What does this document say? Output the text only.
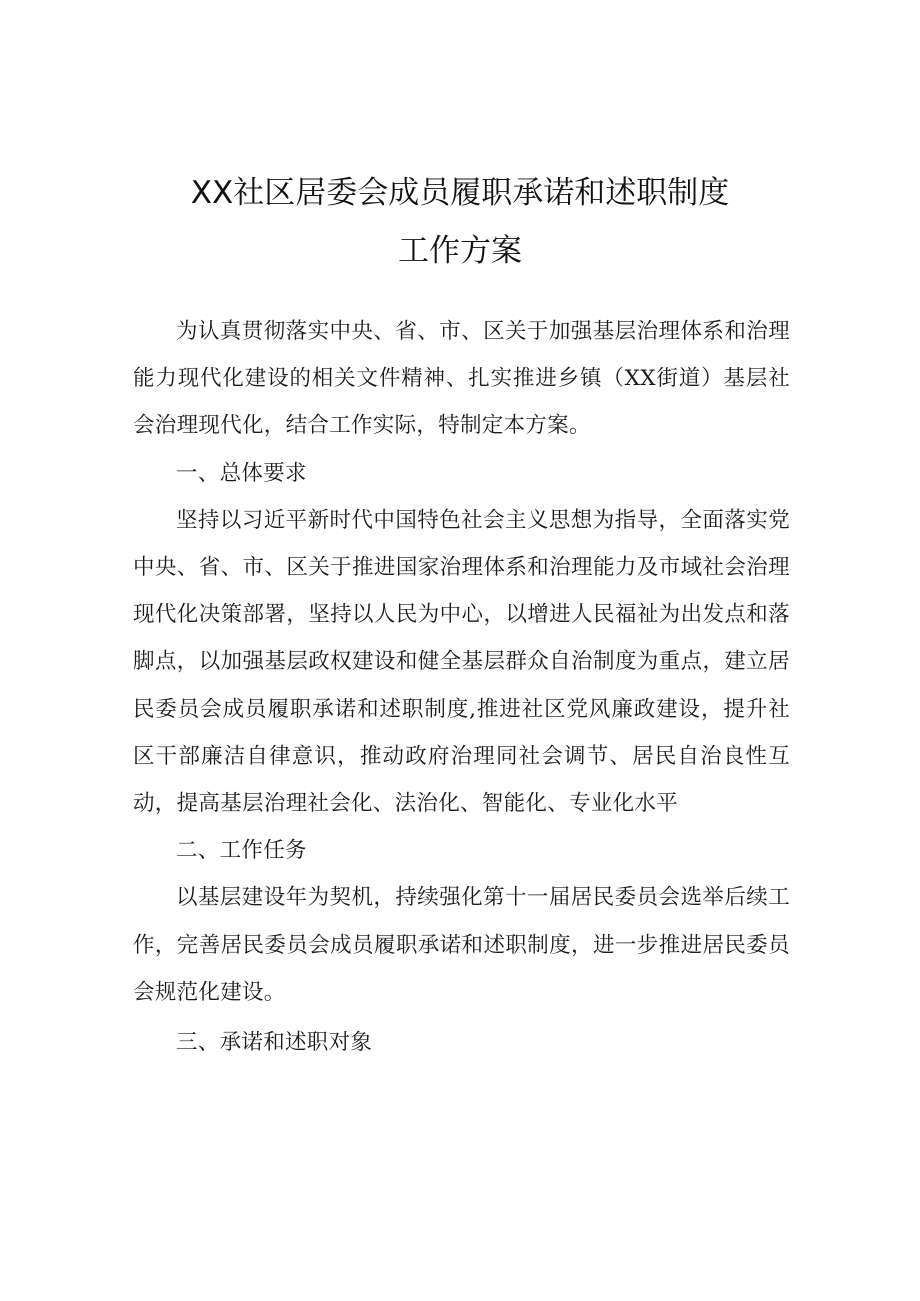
XX社区居委会成员履职承诺和述职制度
工作方案

为认真贯彻落实中央、省、市、区关于加强基层治理体系和治理能力现代化建设的相关文件精神、扎实推进乡镇（XX街道）基层社会治理现代化，结合工作实际，特制定本方案。

一、总体要求

坚持以习近平新时代中国特色社会主义思想为指导，全面落实党中央、省、市、区关于推进国家治理体系和治理能力及市域社会治理现代化决策部署，坚持以人民为中心，以增进人民福祉为出发点和落脚点，以加强基层政权建设和健全基层群众自治制度为重点，建立居民委员会成员履职承诺和述职制度,推进社区党风廉政建设，提升社区干部廉洁自律意识，推动政府治理同社会调节、居民自治良性互动，提高基层治理社会化、法治化、智能化、专业化水平

二、工作任务

以基层建设年为契机，持续强化第十一届居民委员会选举后续工作，完善居民委员会成员履职承诺和述职制度，进一步推进居民委员会规范化建设。

三、承诺和述职对象
